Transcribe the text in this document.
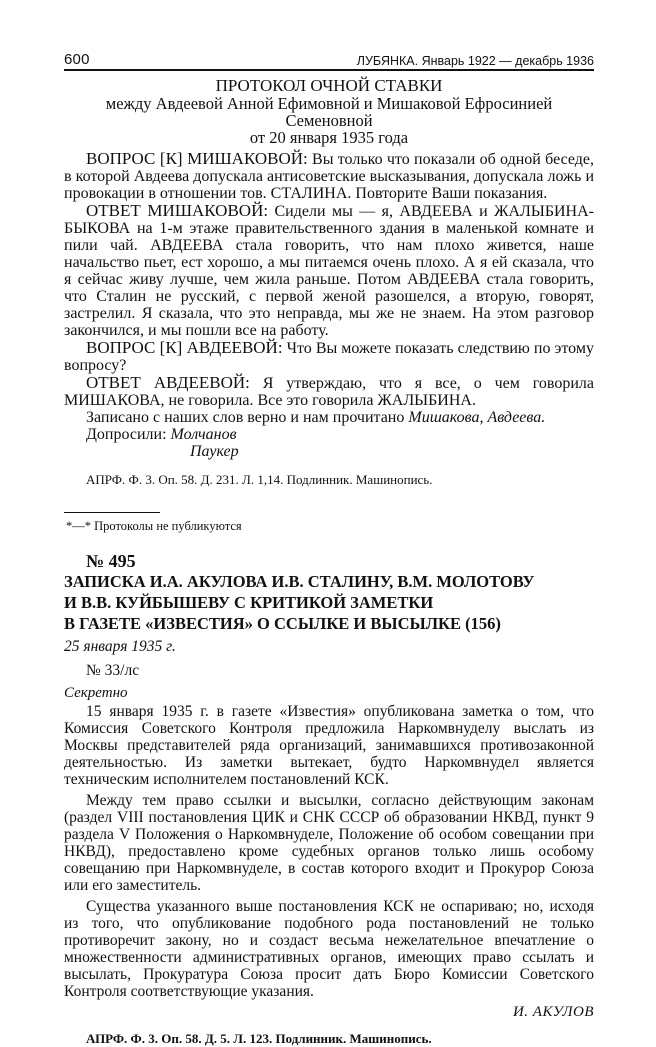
600	ЛУБЯНКА. Январь 1922 — декабрь 1936
ПРОТОКОЛ ОЧНОЙ СТАВКИ
между Авдеевой Анной Ефимовной и Мишаковой Ефросинией Семеновной
от 20 января 1935 года

ВОПРОС [К] МИШАКОВОЙ: Вы только что показали об одной беседе, в которой Авдеева допускала антисоветские высказывания, допускала ложь и провокации в отношении тов. СТАЛИНА. Повторите Ваши показания.

ОТВЕТ МИШАКОВОЙ: Сидели мы — я, АВДЕЕВА и ЖАЛЫБИНА-БЫКОВА на 1-м этаже правительственного здания в маленькой комнате и пили чай. АВДЕЕВА стала говорить, что нам плохо живется, наше начальство пьет, ест хорошо, а мы питаемся очень плохо. А я ей сказала, что я сейчас живу лучше, чем жила раньше. Потом АВДЕЕВА стала говорить, что Сталин не русский, с первой женой разошелся, а вторую, говорят, застрелил. Я сказала, что это неправда, мы же не знаем. На этом разговор закончился, и мы пошли все на работу.

ВОПРОС [К] АВДЕЕВОЙ: Что Вы можете показать следствию по этому вопросу?

ОТВЕТ АВДЕЕВОЙ: Я утверждаю, что я все, о чем говорила МИШАКОВА, не говорила. Все это говорила ЖАЛЫБИНА.

Записано с наших слов верно и нам прочитано Мишакова, Авдеева.

Допросили: Молчанов
Паукер
АПРФ. Ф. 3. Оп. 58. Д. 231. Л. 1,14. Подлинник. Машинопись.
*—* Протоколы не публикуются
№ 495
ЗАПИСКА И.А. АКУЛОВА И.В. СТАЛИНУ, В.М. МОЛОТОВУ
И В.В. КУЙБЫШЕВУ С КРИТИКОЙ ЗАМЕТКИ
В ГАЗЕТЕ «ИЗВЕСТИЯ» О ССЫЛКЕ И ВЫСЫЛКЕ (156)
25 января 1935 г.
№ 33/лс
Секретно

15 января 1935 г. в газете «Известия» опубликована заметка о том, что Комиссия Советского Контроля предложила Наркомвнуделу выслать из Москвы представителей ряда организаций, занимавшихся противозаконной деятельностью. Из заметки вытекает, будто Наркомвнудел является техническим исполнителем постановлений КСК.

Между тем право ссылки и высылки, согласно действующим законам (раздел VIII постановления ЦИК и СНК СССР об образовании НКВД, пункт 9 раздела V Положения о Наркомвнуделе, Положение об особом совещании при НКВД), предоставлено кроме судебных органов только лишь особому совещанию при Наркомвнуделе, в состав которого входит и Прокурор Союза или его заместитель.

Существа указанного выше постановления КСК не оспариваю; но, исходя из того, что опубликование подобного рода постановлений не только противоречит закону, но и создаст весьма нежелательное впечатление о множественности административных органов, имеющих право ссылать и высылать, Прокуратура Союза просит дать Бюро Комиссии Советского Контроля соответствующие указания.

И. АКУЛОВ
АПРФ. Ф. 3. Оп. 58. Д. 5. Л. 123. Подлинник. Машинопись.
